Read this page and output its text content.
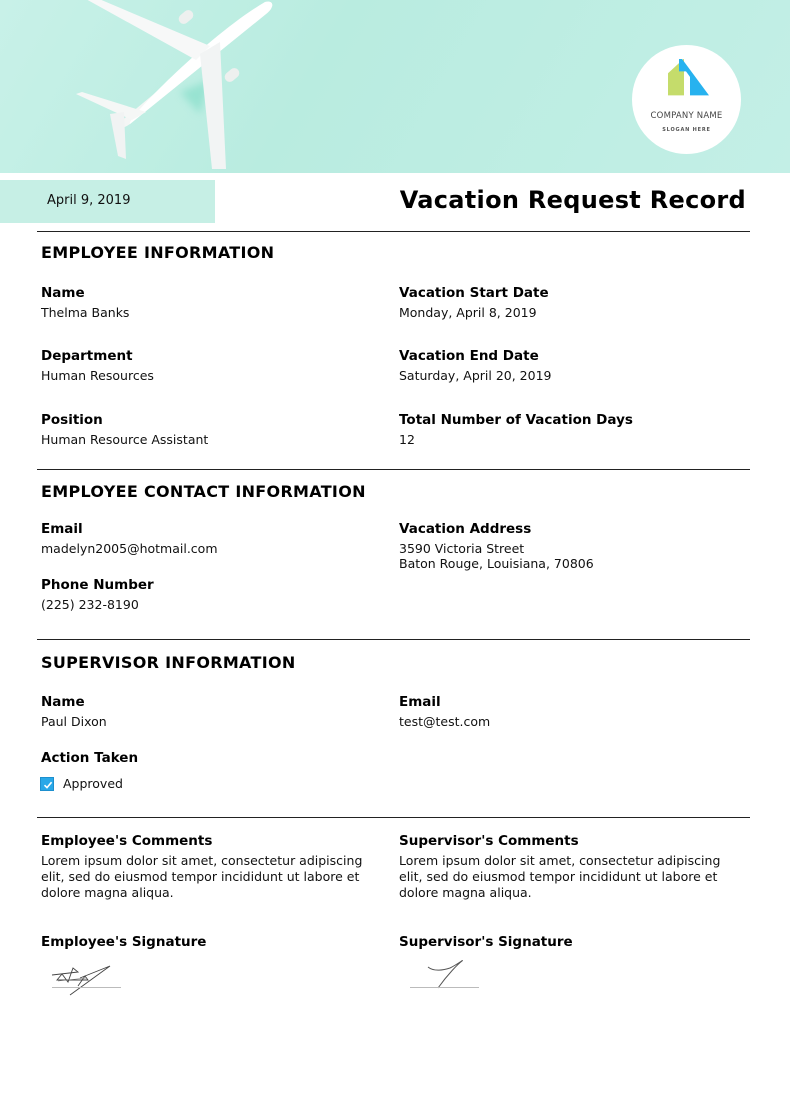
COMPANY NAME
SLOGAN HERE
April 9, 2019	Vacation Request Record
EMPLOYEE INFORMATION
Name
Thelma Banks
Department
Human Resources
Position
Human Resource Assistant
Vacation Start Date
Monday, April 8, 2019
Vacation End Date
Saturday, April 20, 2019
Total Number of Vacation Days
12
EMPLOYEE CONTACT INFORMATION
Email
madelyn2005@hotmail.com
Phone Number
(225) 232-8190
Vacation Address
3590 Victoria Street
Baton Rouge, Louisiana, 70806
SUPERVISOR INFORMATION
Name
Paul Dixon
Email
test@test.com
Action Taken
Approved
Employee's Comments
Lorem ipsum dolor sit amet, consectetur adipiscing elit, sed do eiusmod tempor incididunt ut labore et dolore magna aliqua.
Supervisor's Comments
Lorem ipsum dolor sit amet, consectetur adipiscing elit, sed do eiusmod tempor incididunt ut labore et dolore magna aliqua.
Employee's Signature	Supervisor's Signature
